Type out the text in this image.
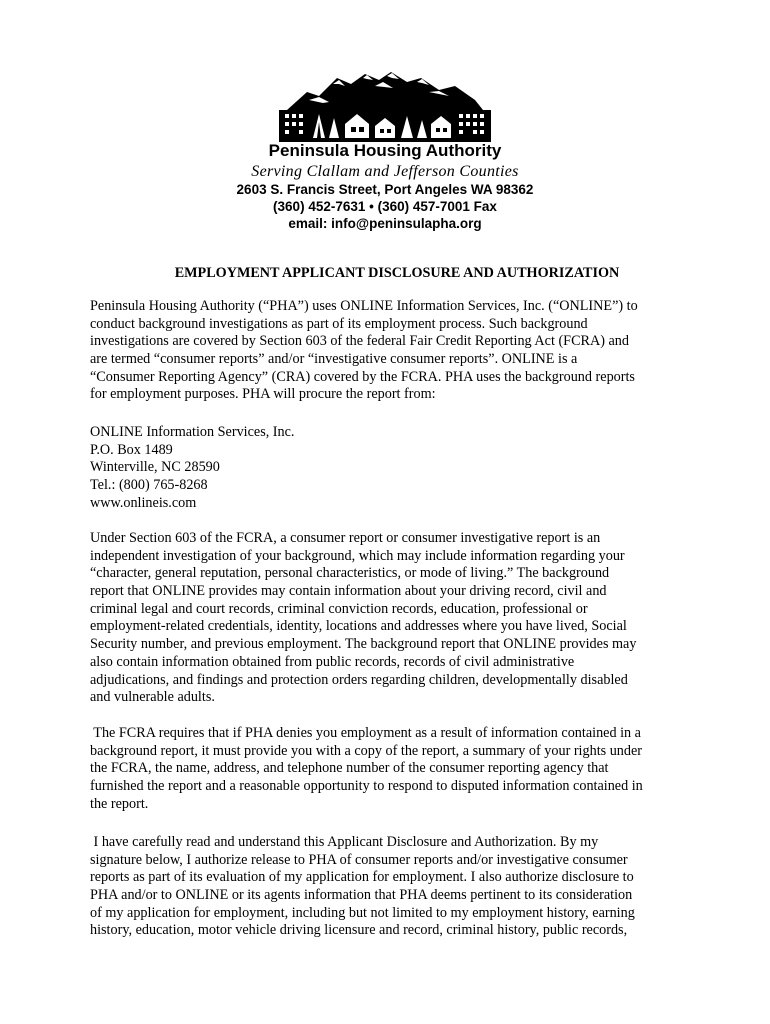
Peninsula Housing Authority
Serving Clallam and Jefferson Counties
2603 S. Francis Street, Port Angeles WA 98362
(360) 452-7631 • (360) 457-7001 Fax
email: info@peninsulapha.org
EMPLOYMENT APPLICANT DISCLOSURE AND AUTHORIZATION
Peninsula Housing Authority (“PHA”) uses ONLINE Information Services, Inc. (“ONLINE”) to
conduct background investigations as part of its employment process. Such background
investigations are covered by Section 603 of the federal Fair Credit Reporting Act (FCRA) and
are termed “consumer reports” and/or “investigative consumer reports”. ONLINE is a
“Consumer Reporting Agency” (CRA) covered by the FCRA. PHA uses the background reports
for employment purposes. PHA will procure the report from:
ONLINE Information Services, Inc.
P.O. Box 1489
Winterville, NC 28590
Tel.: (800) 765-8268
www.onlineis.com
Under Section 603 of the FCRA, a consumer report or consumer investigative report is an
independent investigation of your background, which may include information regarding your
“character, general reputation, personal characteristics, or mode of living.” The background
report that ONLINE provides may contain information about your driving record, civil and
criminal legal and court records, criminal conviction records, education, professional or
employment-related credentials, identity, locations and addresses where you have lived, Social
Security number, and previous employment. The background report that ONLINE provides may
also contain information obtained from public records, records of civil administrative
adjudications, and findings and protection orders regarding children, developmentally disabled
and vulnerable adults.
The FCRA requires that if PHA denies you employment as a result of information contained in a
background report, it must provide you with a copy of the report, a summary of your rights under
the FCRA, the name, address, and telephone number of the consumer reporting agency that
furnished the report and a reasonable opportunity to respond to disputed information contained in
the report.
I have carefully read and understand this Applicant Disclosure and Authorization. By my
signature below, I authorize release to PHA of consumer reports and/or investigative consumer
reports as part of its evaluation of my application for employment. I also authorize disclosure to
PHA and/or to ONLINE or its agents information that PHA deems pertinent to its consideration
of my application for employment, including but not limited to my employment history, earning
history, education, motor vehicle driving licensure and record, criminal history, public records,
